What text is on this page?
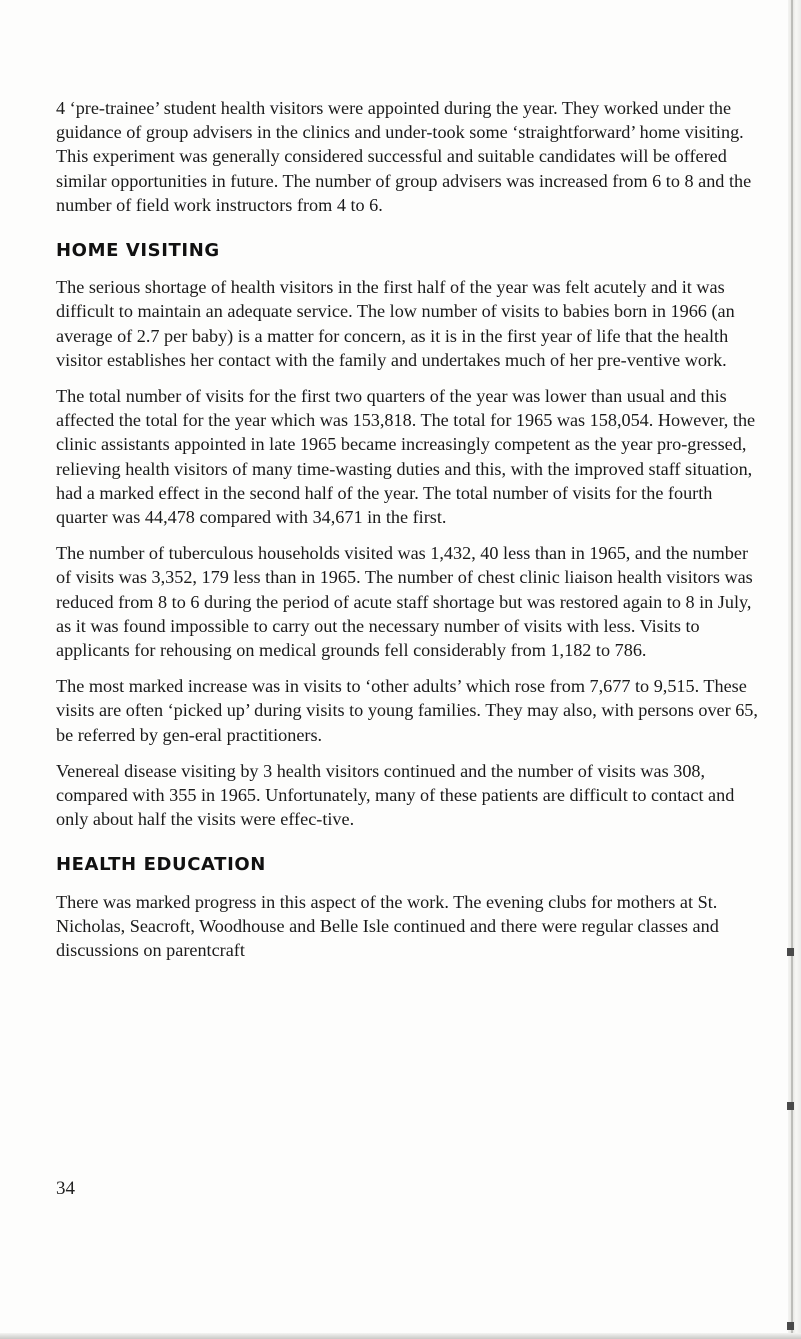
4 ‘pre-trainee’ student health visitors were appointed during the year. They worked under the guidance of group advisers in the clinics and under-took some ‘straightforward’ home visiting. This experiment was generally considered successful and suitable candidates will be offered similar opportunities in future. The number of group advisers was increased from 6 to 8 and the number of field work instructors from 4 to 6.

HOME VISITING

The serious shortage of health visitors in the first half of the year was felt acutely and it was difficult to maintain an adequate service. The low number of visits to babies born in 1966 (an average of 2.7 per baby) is a matter for concern, as it is in the first year of life that the health visitor establishes her contact with the family and undertakes much of her pre-ventive work.

The total number of visits for the first two quarters of the year was lower than usual and this affected the total for the year which was 153,818. The total for 1965 was 158,054. However, the clinic assistants appointed in late 1965 became increasingly competent as the year pro-gressed, relieving health visitors of many time-wasting duties and this, with the improved staff situation, had a marked effect in the second half of the year. The total number of visits for the fourth quarter was 44,478 compared with 34,671 in the first.

The number of tuberculous households visited was 1,432, 40 less than in 1965, and the number of visits was 3,352, 179 less than in 1965. The number of chest clinic liaison health visitors was reduced from 8 to 6 during the period of acute staff shortage but was restored again to 8 in July, as it was found impossible to carry out the necessary number of visits with less. Visits to applicants for rehousing on medical grounds fell considerably from 1,182 to 786.

The most marked increase was in visits to ‘other adults’ which rose from 7,677 to 9,515. These visits are often ‘picked up’ during visits to young families. They may also, with persons over 65, be referred by gen-eral practitioners.

Venereal disease visiting by 3 health visitors continued and the number of visits was 308, compared with 355 in 1965. Unfortunately, many of these patients are difficult to contact and only about half the visits were effec-tive.

HEALTH EDUCATION

There was marked progress in this aspect of the work. The evening clubs for mothers at St. Nicholas, Seacroft, Woodhouse and Belle Isle continued and there were regular classes and discussions on parentcraft

34
